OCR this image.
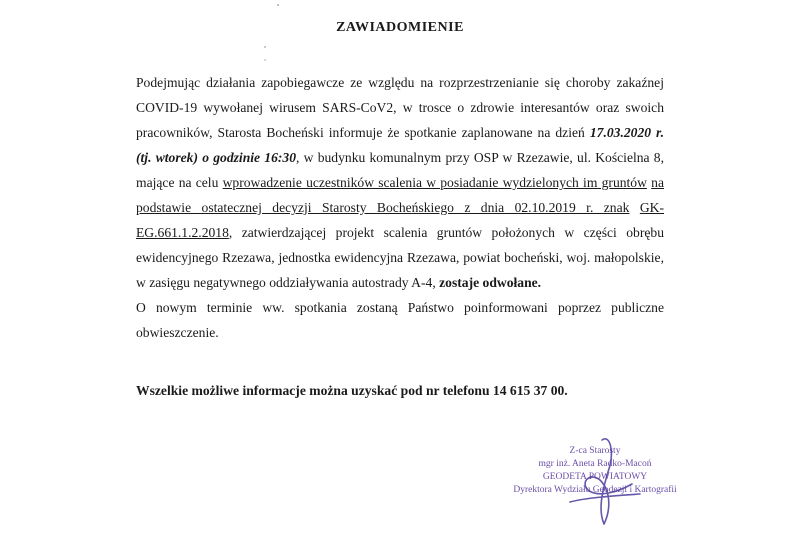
ZAWIADOMIENIE

Podejmując działania zapobiegawcze ze względu na rozprzestrzenianie się choroby zakaźnej COVID-19 wywołanej wirusem SARS-CoV2, w trosce o zdrowie interesantów oraz swoich pracowników, Starosta Bocheński informuje że spotkanie zaplanowane na dzień 17.03.2020 r. (tj. wtorek) o godzinie 16:30, w budynku komunalnym przy OSP w Rzezawie, ul. Kościelna 8, mające na celu wprowadzenie uczestników scalenia w posiadanie wydzielonych im gruntów na podstawie ostatecznej decyzji Starosty Bocheńskiego z dnia 02.10.2019 r. znak GK-EG.661.1.2.2018, zatwierdzającej projekt scalenia gruntów położonych w części obrębu ewidencyjnego Rzezawa, jednostka ewidencyjna Rzezawa, powiat bocheński, woj. małopolskie, w zasięgu negatywnego oddziaływania autostrady A-4, zostaje odwołane.

O nowym terminie ww. spotkania zostaną Państwo poinformowani poprzez publiczne obwieszczenie.

Wszelkie możliwe informacje można uzyskać pod nr telefonu 14 615 37 00.
Z-ca Starosty
mgr inż. Aneta Radko-Macoń
GEODETA POWIATOWY
Dyrektora Wydziału Geodezji i Kartografii
